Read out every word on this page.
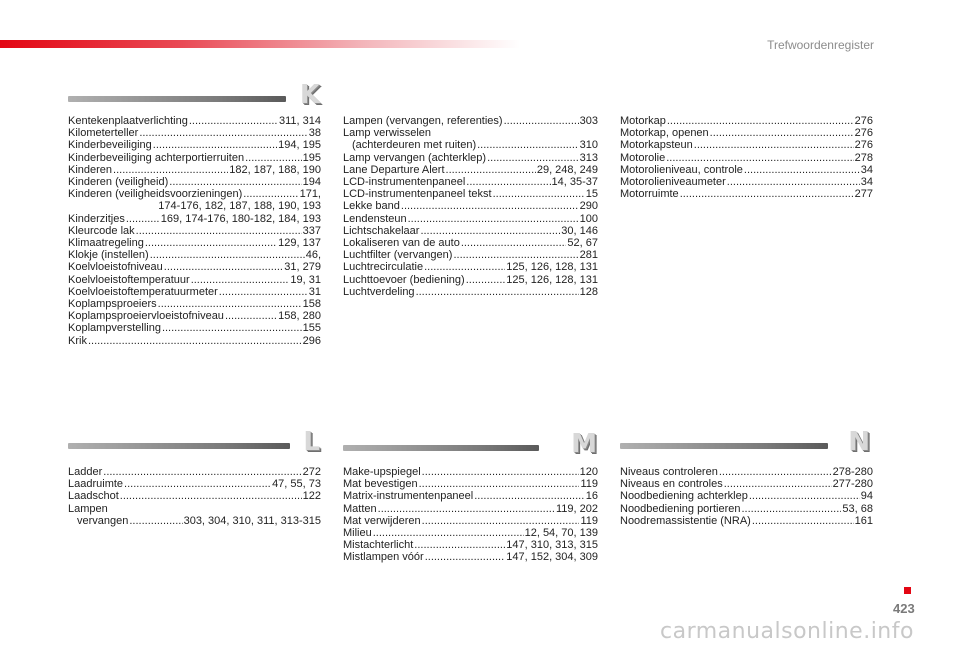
Trefwoordenregister
K
L	M	N
Kentekenplaatverlichting .....	311, 314
Kilometerteller .....	38
Kinderbeveiliging .....	194, 195
Kinderbeveiliging achterportierruiten .....	195
Kinderen .....	182, 187, 188, 190
Kinderen (veiligheid) .....	194
Kinderen (veiligheidsvoorzieningen) .....	171,
174-176, 182, 187, 188, 190, 193
Kinderzitjes .....	169, 174-176, 180-182, 184, 193
Kleurcode lak .....	337
Klimaatregeling .....	129, 137
Klokje (instellen) .....	46,
Koelvloeistofniveau .....	31, 279
Koelvloeistoftemperatuur .....	19, 31
Koelvloeistoftemperatuurmeter .....	31
Koplampsproeiers .....	158
Koplampsproeiervloeistofniveau .....	158, 280
Koplampverstelling .....	155
Krik .....	296
Lampen (vervangen, referenties) .....	303
Lamp verwisselen
(achterdeuren met ruiten) .....	310
Lamp vervangen (achterklep) .....	313
Lane Departure Alert .....	29, 248, 249
LCD-instrumentenpaneel .....	14, 35-37
LCD-instrumentenpaneel tekst .....	15
Lekke band .....	290
Lendensteun .....	100
Lichtschakelaar .....	30, 146
Lokaliseren van de auto .....	52, 67
Luchtfilter (vervangen) .....	281
Luchtrecirculatie .....	125, 126, 128, 131
Luchttoevoer (bediening) .....	125, 126, 128, 131
Luchtverdeling .....	128
Motorkap .....	276
Motorkap, openen .....	276
Motorkapsteun .....	276
Motorolie .....	278
Motorolieniveau, controle .....	34
Motorolieniveaumeter .....	34
Motorruimte .....	277
Ladder .....	272
Laadruimte .....	47, 55, 73
Laadschot .....	122
Lampen
vervangen .....	303, 304, 310, 311, 313-315
Make-upspiegel .....	120
Mat bevestigen .....	119
Matrix-instrumentenpaneel .....	16
Matten .....	119, 202
Mat verwijderen .....	119
Milieu .....	12, 54, 70, 139
Mistachterlicht .....	147, 310, 313, 315
Mistlampen vóór .....	147, 152, 304, 309
Niveaus controleren .....	278-280
Niveaus en controles .....	277-280
Noodbediening achterklep .....	94
Noodbediening portieren .....	53, 68
Noodremassistentie (NRA) .....	161
423
carmanualsonline.info
